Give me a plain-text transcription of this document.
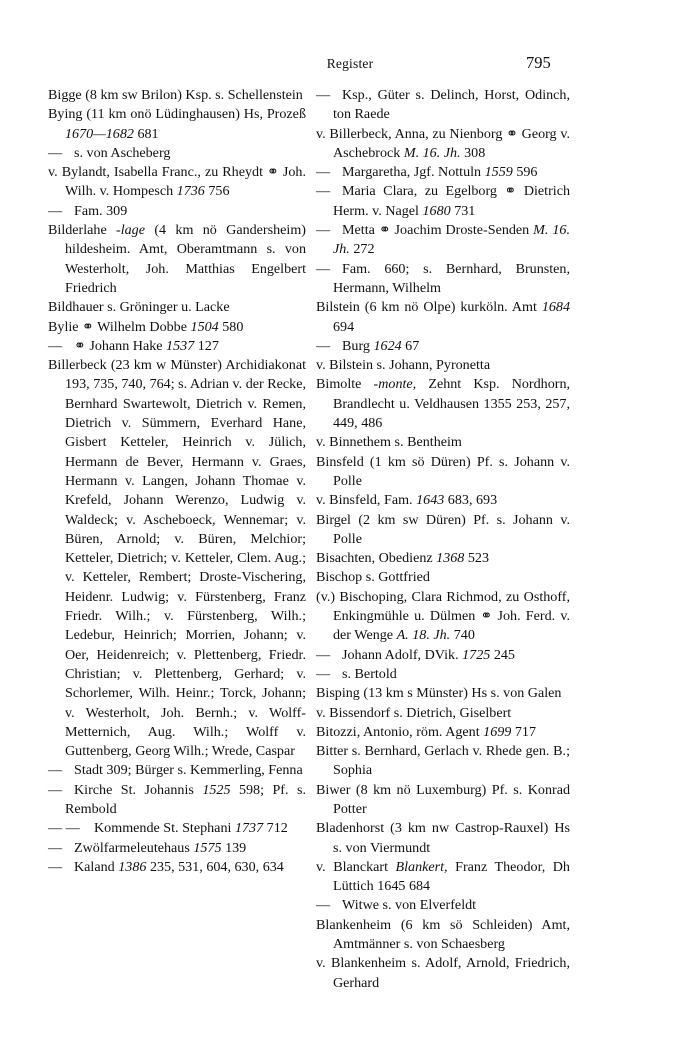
Register	795
Bigge (8 km sw Brilon) Ksp. s. Schellenstein
Bying (11 km onö Lüdinghausen) Hs, Prozeß 1670—1682 681
— s. von Ascheberg
v. Bylandt, Isabella Franc., zu Rheydt ⚭ Joh. Wilh. v. Hompesch 1736 756
— Fam. 309
Bilderlahe -lage (4 km nö Gandersheim) hildesheim. Amt, Oberamtmann s. von Westerholt, Joh. Matthias Engelbert Friedrich
Bildhauer s. Gröninger u. Lacke
Bylie ⚭ Wilhelm Dobbe 1504 580
— ⚭ Johann Hake 1537 127
Billerbeck (23 km w Münster) Archidiakonat 193, 735, 740, 764; s. Adrian v. der Recke, Bernhard Swartewolt, Dietrich v. Remen, Dietrich v. Sümmern, Everhard Hane, Gisbert Ketteler, Heinrich v. Jülich, Hermann de Bever, Hermann v. Graes, Hermann v. Langen, Johann Thomae v. Krefeld, Johann Werenzo, Ludwig v. Waldeck; v. Ascheboeck, Wennemar; v. Büren, Arnold; v. Büren, Melchior; Ketteler, Dietrich; v. Ketteler, Clem. Aug.; v. Ketteler, Rembert; Droste-Vischering, Heidenr. Ludwig; v. Fürstenberg, Franz Friedr. Wilh.; v. Fürstenberg, Wilh.; Ledebur, Heinrich; Morrien, Johann; v. Oer, Heidenreich; v. Plettenberg, Friedr. Christian; v. Plettenberg, Gerhard; v. Schorlemer, Wilh. Heinr.; Torck, Johann; v. Westerholt, Joh. Bernh.; v. Wolff-Metternich, Aug. Wilh.; Wolff v. Guttenberg, Georg Wilh.; Wrede, Caspar
— Stadt 309; Bürger s. Kemmerling, Fenna
— Kirche St. Johannis 1525 598; Pf. s. Rembold
— — Kommende St. Stephani 1737 712
— Zwölfarmeleutehaus 1575 139
— Kaland 1386 235, 531, 604, 630, 634
— Ksp., Güter s. Delinch, Horst, Odinch, ton Raede
v. Billerbeck, Anna, zu Nienborg ⚭ Georg v. Aschebrock M. 16. Jh. 308
— Margaretha, Jgf. Nottuln 1559 596
— Maria Clara, zu Egelborg ⚭ Dietrich Herm. v. Nagel 1680 731
— Metta ⚭ Joachim Droste-Senden M. 16. Jh. 272
— Fam. 660; s. Bernhard, Brunsten, Hermann, Wilhelm
Bilstein (6 km nö Olpe) kurköln. Amt 1684 694
— Burg 1624 67
v. Bilstein s. Johann, Pyronetta
Bimolte -monte, Zehnt Ksp. Nordhorn, Brandlecht u. Veldhausen 1355 253, 257, 449, 486
v. Binnethem s. Bentheim
Binsfeld (1 km sö Düren) Pf. s. Johann v. Polle
v. Binsfeld, Fam. 1643 683, 693
Birgel (2 km sw Düren) Pf. s. Johann v. Polle
Bisachten, Obedienz 1368 523
Bischop s. Gottfried
(v.) Bischoping, Clara Richmod, zu Osthoff, Enkingmühle u. Dülmen ⚭ Joh. Ferd. v. der Wenge A. 18. Jh. 740
— Johann Adolf, DVik. 1725 245
— s. Bertold
Bisping (13 km s Münster) Hs s. von Galen
v. Bissendorf s. Dietrich, Giselbert
Bitozzi, Antonio, röm. Agent 1699 717
Bitter s. Bernhard, Gerlach v. Rhede gen. B.; Sophia
Biwer (8 km nö Luxemburg) Pf. s. Konrad Potter
Bladenhorst (3 km nw Castrop-Rauxel) Hs s. von Viermundt
v. Blanckart Blankert, Franz Theodor, Dh Lüttich 1645 684
— Witwe s. von Elverfeldt
Blankenheim (6 km sö Schleiden) Amt, Amtmänner s. von Schaesberg
v. Blankenheim s. Adolf, Arnold, Friedrich, Gerhard
